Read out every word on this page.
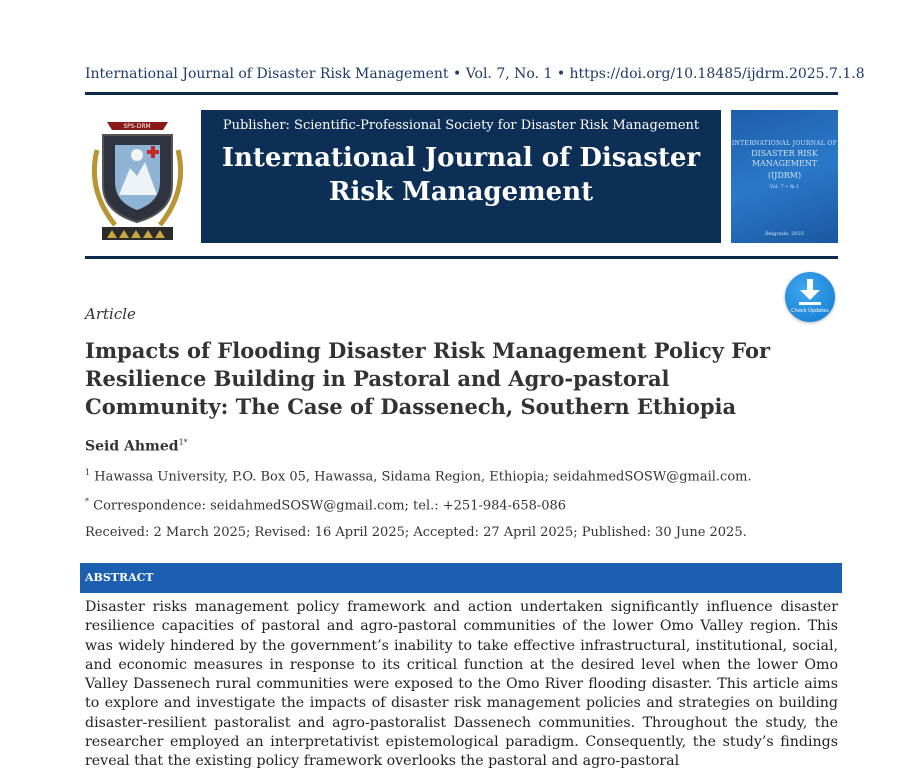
International Journal of Disaster Risk Management • Vol. 7, No. 1 • https://doi.org/10.18485/ijdrm.2025.7.1.8
SPS-DRM	Publisher: Scientific-Professional Society for Disaster Risk Management
International Journal of Disaster
Risk Management
INTERNATIONAL JOURNAL OF
DISASTER RISK MANAGEMENT
(IJDRM)
Vol. 7 • № 1
Belgrade, 2025
Check Updates
Article
Impacts of Flooding Disaster Risk Management Policy For Resilience Building in Pastoral and Agro-pastoral Community: The Case of Dassenech, Southern Ethiopia
Seid Ahmed$^{1*}$
$^1$ Hawassa University, P.O. Box 05, Hawassa, Sidama Region, Ethiopia; seidahmedSOSW@gmail.com.
* Correspondence: seidahmedSOSW@gmail.com; tel.: +251-984-658-086
Received: 2 March 2025; Revised: 16 April 2025; Accepted: 27 April 2025; Published: 30 June 2025.
ABSTRACT
Disaster risks management policy framework and action undertaken significantly influence disaster resilience capacities of pastoral and agro-pastoral communities of the lower Omo Valley region. This was widely hindered by the government’s inability to take effective infrastructural, institutional, social, and economic measures in response to its critical function at the desired level when the lower Omo Valley Dassenech rural communities were exposed to the Omo River flooding disaster. This article aims to explore and investigate the impacts of disaster risk management policies and strategies on building disaster-resilient pastoralist and agro-pastoralist Dassenech communities. Throughout the study, the researcher employed an interpretativist epistemological paradigm. Consequently, the study’s findings reveal that the existing policy framework overlooks the pastoral and agro-pastoral
